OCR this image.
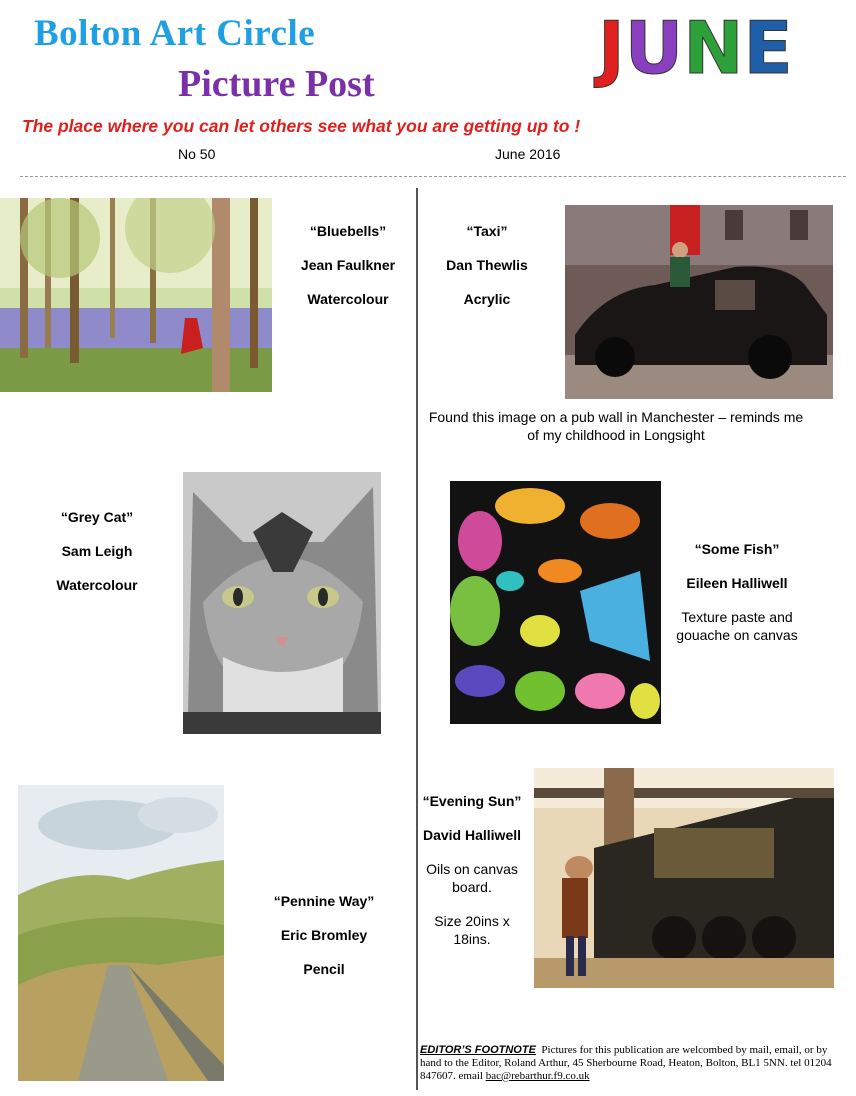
Bolton Art Circle
Picture Post	JUNE
The place where you can let others see what you are getting up to !
No 50	June 2016

“Bluebells”

Jean Faulkner

Watercolour

“Taxi”

Dan Thewlis

Acrylic

Found this image on a pub wall in Manchester – reminds me of my childhood in Longsight

“Grey Cat”

Sam Leigh

Watercolour

“Some Fish”

Eileen Halliwell

Texture paste and gouache on canvas

“Pennine Way”

Eric Bromley

Pencil

“Evening Sun”

David Halliwell

Oils on canvas board.

Size 20ins x 18ins.

EDITOR’S FOOTNOTE Pictures for this publication are welcombed by mail, email, or by hand to the Editor, Roland Arthur, 45 Sherbourne Road, Heaton, Bolton, BL1 5NN. tel 01204 847607. email bac@rebarthur.f9.co.uk
